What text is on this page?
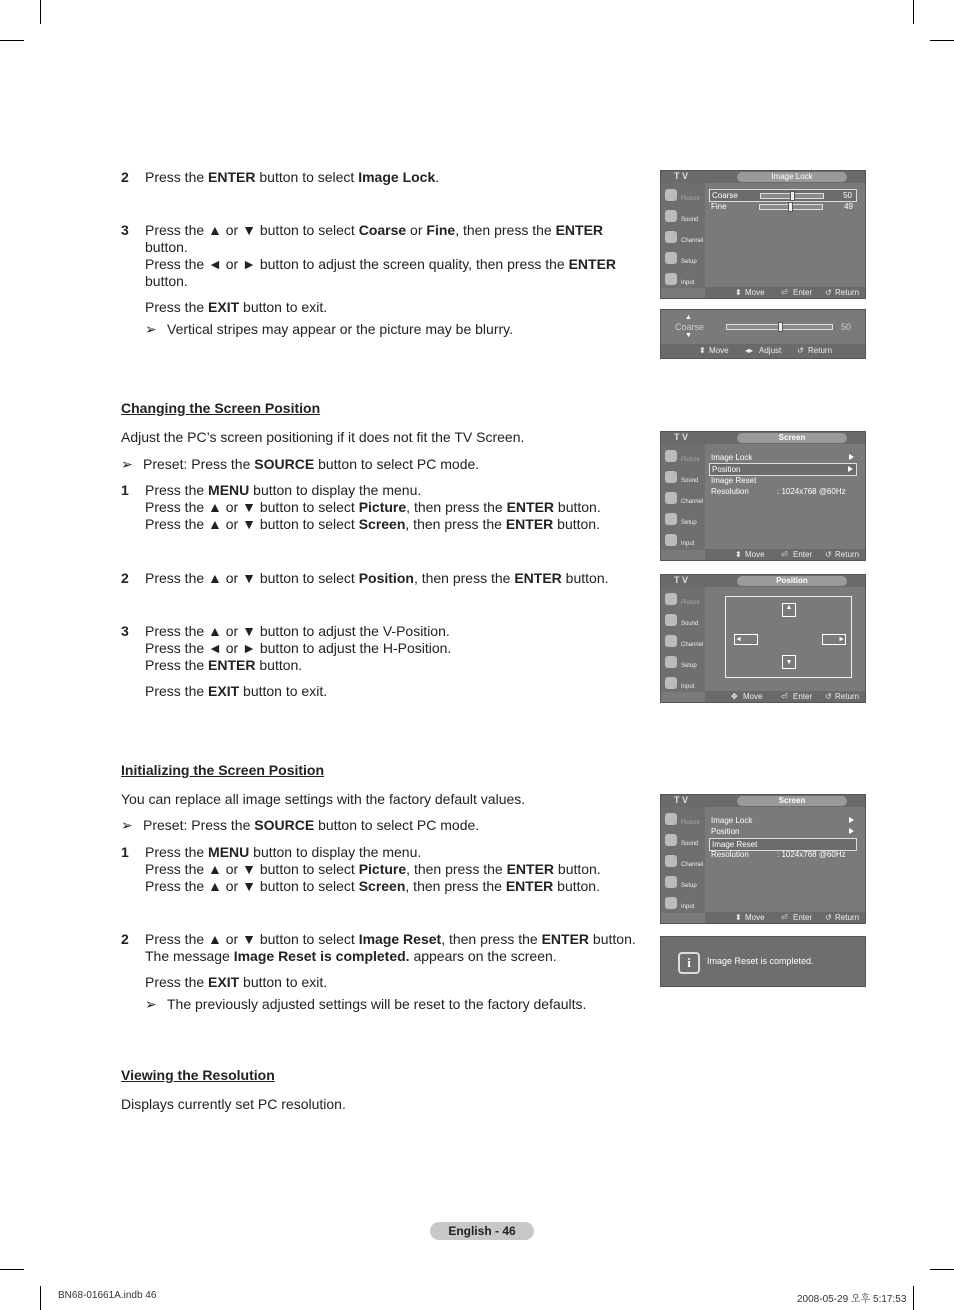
2 Press the ENTER button to select Image Lock.
3 Press the ▲ or ▼ button to select Coarse or Fine, then press the ENTER
button.
Press the ◄ or ► button to adjust the screen quality, then press the ENTER
button.
Press the EXIT button to exit.
➢ Vertical stripes may appear or the picture may be blurry.
Changing the Screen Position
Adjust the PC’s screen positioning if it does not fit the TV Screen.
➢ Preset: Press the SOURCE button to select PC mode.
1 Press the MENU button to display the menu.
Press the ▲ or ▼ button to select Picture, then press the ENTER button.
Press the ▲ or ▼ button to select Screen, then press the ENTER button.
2 Press the ▲ or ▼ button to select Position, then press the ENTER button.
3 Press the ▲ or ▼ button to adjust the V-Position.
Press the ◄ or ► button to adjust the H-Position.
Press the ENTER button.
Press the EXIT button to exit.
Initializing the Screen Position
You can replace all image settings with the factory default values.
➢ Preset: Press the SOURCE button to select PC mode.
1 Press the MENU button to display the menu.
Press the ▲ or ▼ button to select Picture, then press the ENTER button.
Press the ▲ or ▼ button to select Screen, then press the ENTER button.
2 Press the ▲ or ▼ button to select Image Reset, then press the ENTER button.
The message Image Reset is completed. appears on the screen.
Press the EXIT button to exit.
➢ The previously adjusted settings will be reset to the factory defaults.
Viewing the Resolution
Displays currently set PC resolution.
T V	Image Lock
Picture
Sound
Channel
Setup
Input
Coarse	50
Fine	49
⬍ Move ⏎ Enter ↺ Return
▲
Coarse
▼
50
⬍ Move ◂▸ Adjust ↺ Return
T V	Screen
Picture
Sound
Channel
Setup
Input
Image Lock
Position
Image Reset
Resolution	: 1024x768 @60Hz
⬍ Move ⏎ Enter ↺ Return
T V	Position
Picture
Sound
Channel
Setup
Input
▲
▼
◄	►
✥ Move ⏎ Enter ↺ Return
T V	Screen
Picture
Sound
Channel
Setup
Input
Image Lock
Position
Image Reset
Resolution	: 1024x768 @60Hz
⬍ Move ⏎ Enter ↺ Return
i	Image Reset is completed.
English - 46
BN68-01661A.indb 46	2008-05-29 오후 5:17:53
